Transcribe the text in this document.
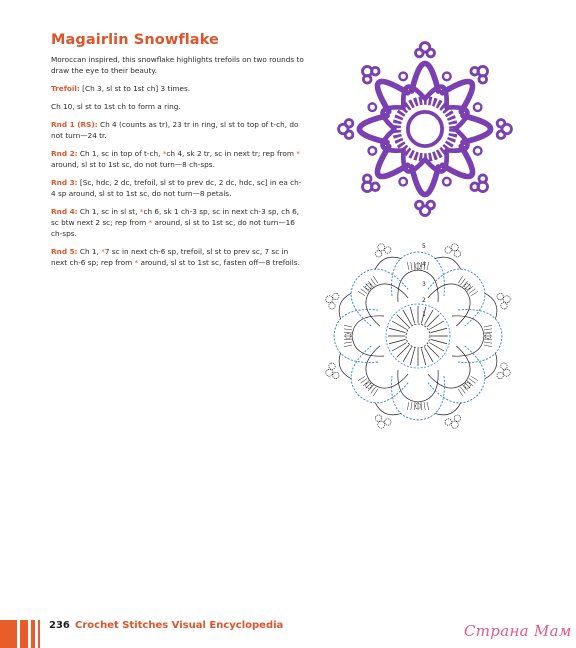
Magairlin Snowflake

Moroccan inspired, this snowflake highlights trefoils on two rounds to draw the eye to their beauty.

Trefoil: [Ch 3, sl st to 1st ch] 3 times.

Ch 10, sl st to 1st ch to form a ring.

Rnd 1 (RS): Ch 4 (counts as tr), 23 tr in ring, sl st to top of t-ch, do not turn—24 tr.

Rnd 2: Ch 1, sc in top of t-ch, *ch 4, sk 2 tr, sc in next tr; rep from * around, sl st to 1st sc, do not turn—8 ch-sps.

Rnd 3: [Sc, hdc, 2 dc, trefoil, sl st to prev dc, 2 dc, hdc, sc] in ea ch-4 sp around, sl st to 1st sc, do not turn—8 petals.

Rnd 4: Ch 1, sc in sl st, *ch 6, sk 1 ch-3 sp, sc in next ch-3 sp, ch 6, sc btw next 2 sc; rep from * around, sl st to 1st sc, do not turn—16 ch-sps.

Rnd 5: Ch 1, *7 sc in next ch-6 sp, trefoil, sl st to prev sc, 7 sc in next ch-6 sp; rep from * around, sl st to 1st sc, fasten off—8 trefoils.

5
4
3
2
1
236 Crochet Stitches Visual Encyclopedia	Страна Мам
